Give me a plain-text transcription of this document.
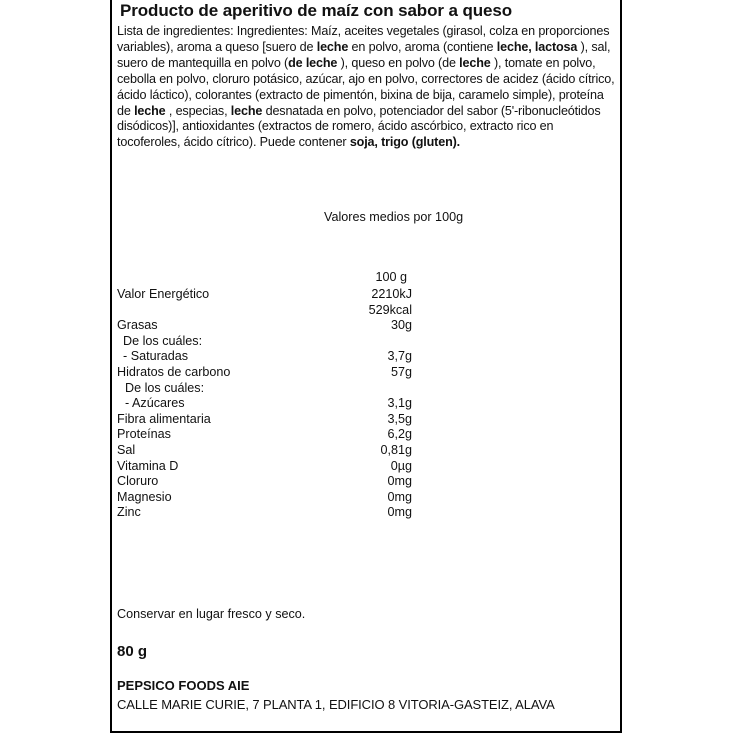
Producto de aperitivo de maíz con sabor a queso
Lista de ingredientes: Ingredientes: Maíz, aceites vegetales (girasol, colza en proporciones variables), aroma a queso [suero de leche en polvo, aroma (contiene leche, lactosa ), sal, suero de mantequilla en polvo (de leche ), queso en polvo (de leche ), tomate en polvo, cebolla en polvo, cloruro potásico, azúcar, ajo en polvo, correctores de acidez (ácido cítrico, ácido láctico), colorantes (extracto de pimentón, bixina de bija, caramelo simple), proteína de leche , especias, leche desnatada en polvo, potenciador del sabor (5'-ribonucleótidos disódicos)], antioxidantes (extractos de romero, ácido ascórbico, extracto rico en tocoferoles, ácido cítrico). Puede contener soja, trigo (gluten).
Valores medios por 100g
100 g
Valor Energético	2210kJ
529kcal
Grasas	30g
De los cuáles:
- Saturadas	3,7g
Hidratos de carbono	57g
De los cuáles:
- Azúcares	3,1g
Fibra alimentaria	3,5g
Proteínas	6,2g
Sal	0,81g
Vitamina D	0µg
Cloruro	0mg
Magnesio	0mg
Zinc	0mg
Conservar en lugar fresco y seco.
80 g
PEPSICO FOODS AIE
CALLE MARIE CURIE, 7 PLANTA 1, EDIFICIO 8 VITORIA-GASTEIZ, ALAVA
